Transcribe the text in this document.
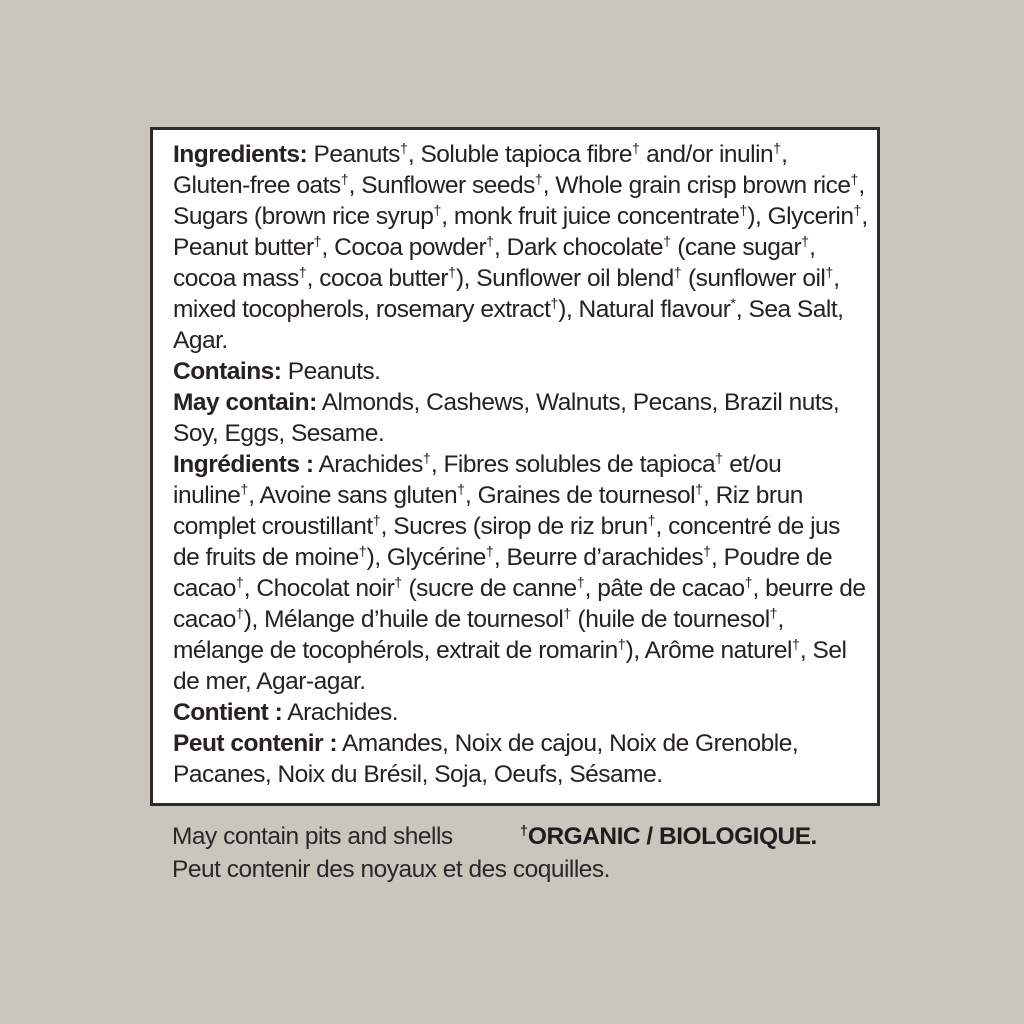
Ingredients: Peanuts†, Soluble tapioca fibre† and/or inulin†, Gluten-free oats†, Sunflower seeds†, Whole grain crisp brown rice†, Sugars (brown rice syrup†, monk fruit juice concentrate†), Glycerin†, Peanut butter†, Cocoa powder†, Dark chocolate† (cane sugar†, cocoa mass†, cocoa butter†), Sunflower oil blend† (sunflower oil†, mixed tocopherols, rosemary extract†), Natural flavour*, Sea Salt, Agar.

Contains: Peanuts.

May contain: Almonds, Cashews, Walnuts, Pecans, Brazil nuts, Soy, Eggs, Sesame.

Ingrédients : Arachides†, Fibres solubles de tapioca† et/ou inuline†, Avoine sans gluten†, Graines de tournesol†, Riz brun complet croustillant†, Sucres (sirop de riz brun†, concentré de jus de fruits de moine†), Glycérine†, Beurre d’arachides†, Poudre de cacao†, Chocolat noir† (sucre de canne†, pâte de cacao†, beurre de cacao†), Mélange d’huile de tournesol† (huile de tournesol†, mélange de tocophérols, extrait de romarin†), Arôme naturel†, Sel de mer, Agar-agar.

Contient : Arachides.

Peut contenir : Amandes, Noix de cajou, Noix de Grenoble, Pacanes, Noix du Brésil, Soja, Oeufs, Sésame.

May contain pits and shells	†ORGANIC / BIOLOGIQUE.
Peut contenir des noyaux et des coquilles.
